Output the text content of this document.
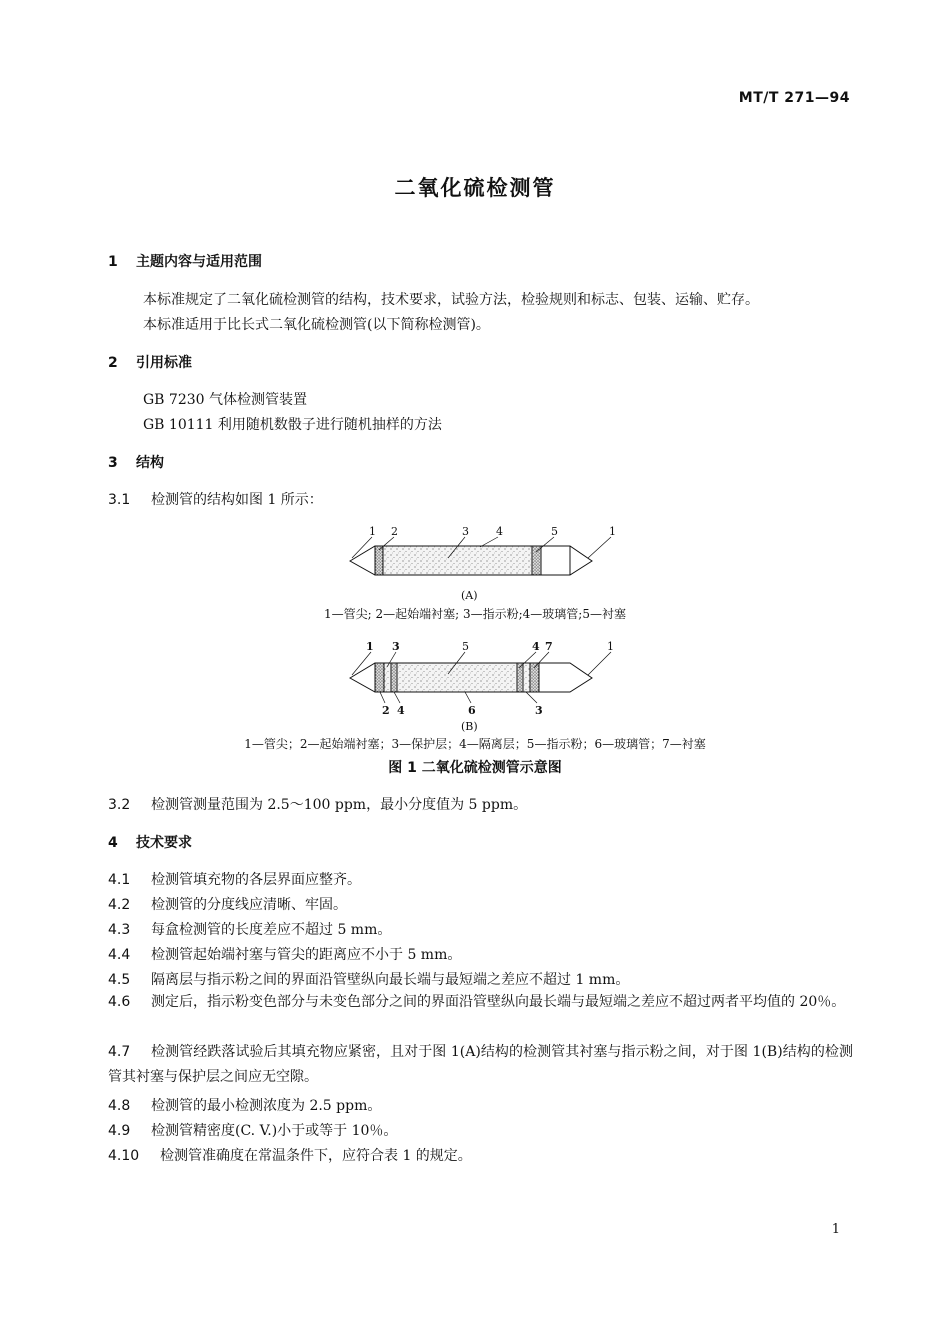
MT/T 271—94
二氧化硫检测管
1 主题内容与适用范围
本标准规定了二氧化硫检测管的结构，技术要求，试验方法，检验规则和标志、包装、运输、贮存。
本标准适用于比长式二氧化硫检测管(以下简称检测管)。
2 引用标准
GB 7230 气体检测管装置
GB 10111 利用随机数骰子进行随机抽样的方法
3 结构
3.1 检测管的结构如图 1 所示：
1 2	3 4	5	1
(A)
1 3	5	4 7	1
2 4	6	3
(B)
1—管尖; 2—起始端衬塞; 3—指示粉;4—玻璃管;5—衬塞
1—管尖；2—起始端衬塞；3—保护层；4—隔离层；5—指示粉；6—玻璃管；7—衬塞
图 1 二氧化硫检测管示意图
3.2 检测管测量范围为 2.5～100 ppm，最小分度值为 5 ppm。
4 技术要求
4.1 检测管填充物的各层界面应整齐。
4.2 检测管的分度线应清晰、牢固。
4.3 每盒检测管的长度差应不超过 5 mm。
4.4 检测管起始端衬塞与管尖的距离应不小于 5 mm。
4.5 隔离层与指示粉之间的界面沿管壁纵向最长端与最短端之差应不超过 1 mm。
4.6 测定后，指示粉变色部分与未变色部分之间的界面沿管壁纵向最长端与最短端之差应不超过两者平均值的 20％。
4.7 检测管经跌落试验后其填充物应紧密，且对于图 1(A)结构的检测管其衬塞与指示粉之间，对于图 1(B)结构的检测管其衬塞与保护层之间应无空隙。
4.8 检测管的最小检测浓度为 2.5 ppm。
4.9 检测管精密度(C. V.)小于或等于 10％。
4.10 检测管准确度在常温条件下，应符合表 1 的规定。
1
